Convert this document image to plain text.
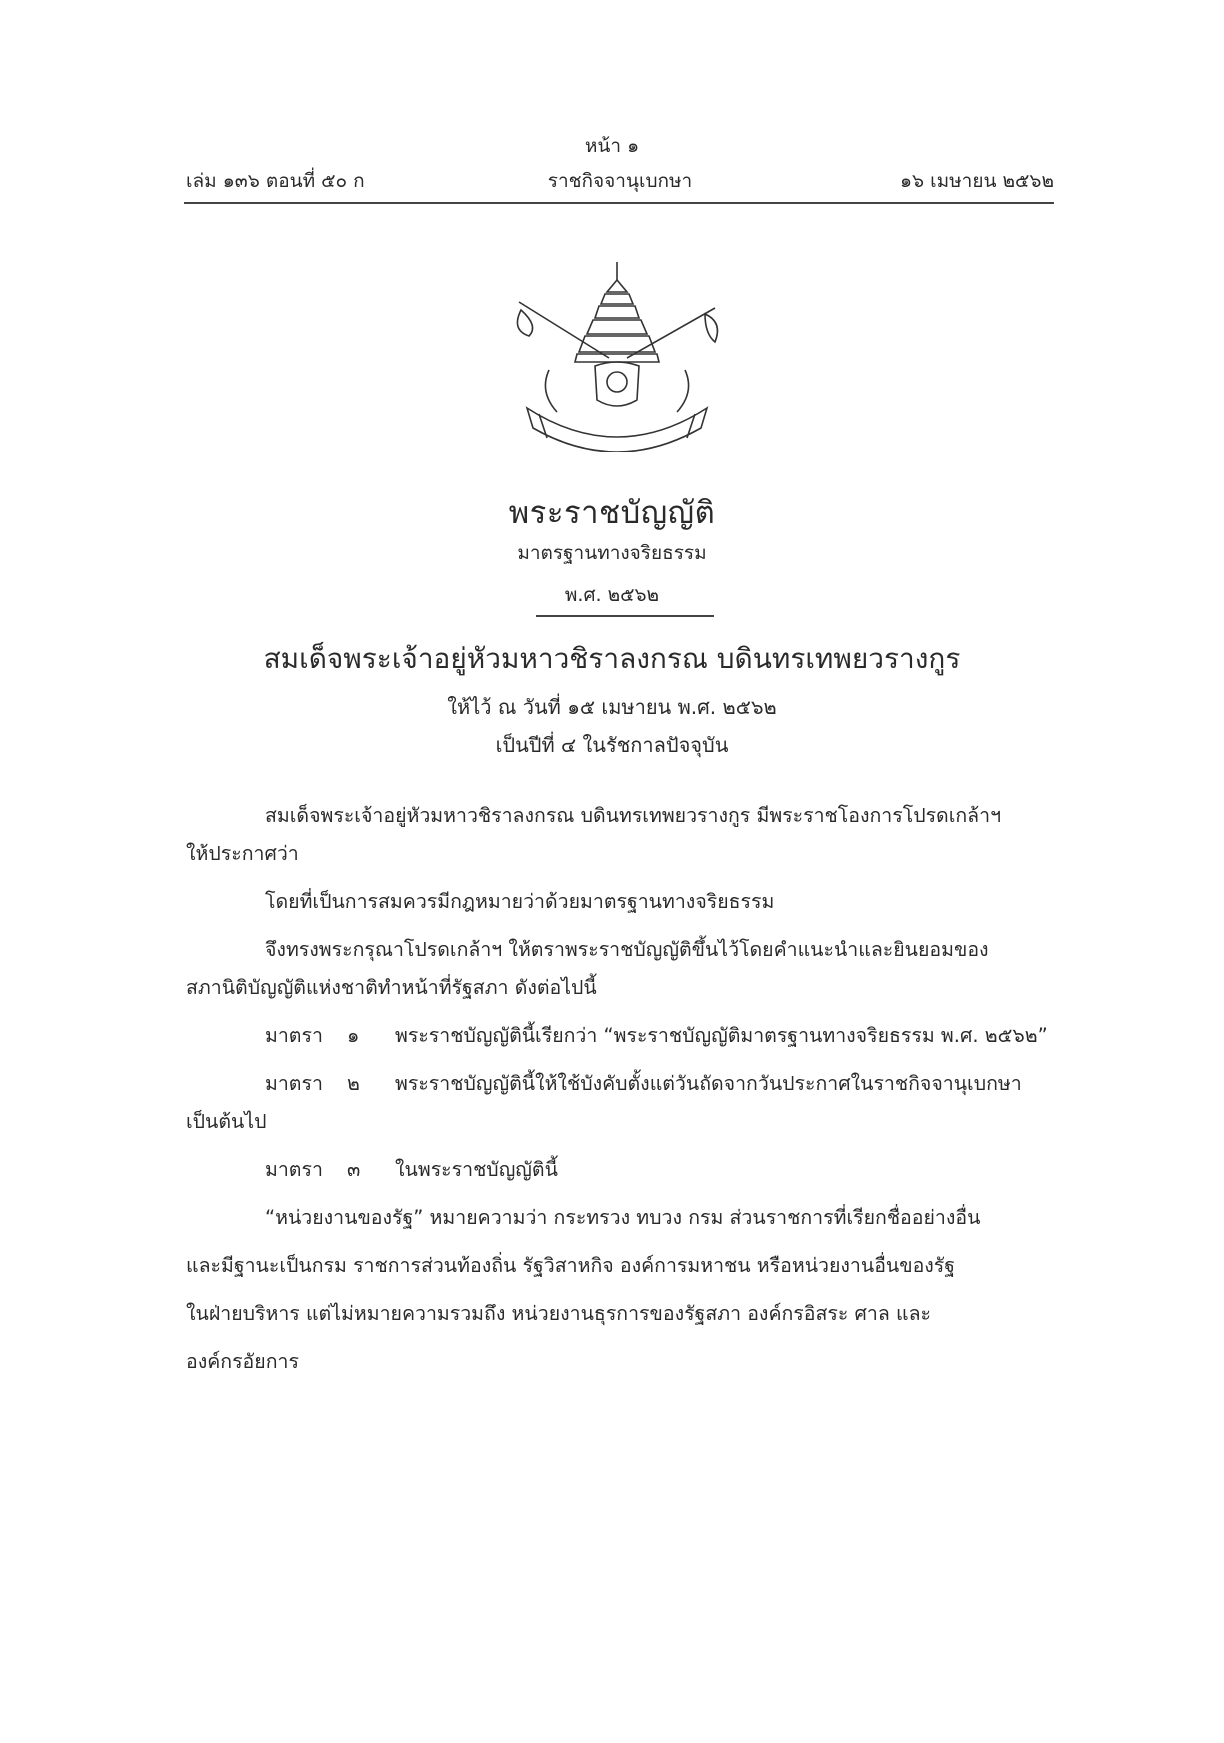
หน้า ๑
เล่ม ๑๓๖ ตอนที่ ๕๐ ก	ราชกิจจานุเบกษา	๑๖ เมษายน ๒๕๖๒
พระราชบัญญัติ
มาตรฐานทางจริยธรรม
พ.ศ. ๒๕๖๒
สมเด็จพระเจ้าอยู่หัวมหาวชิราลงกรณ บดินทรเทพยวรางกูร
ให้ไว้ ณ วันที่ ๑๕ เมษายน พ.ศ. ๒๕๖๒
เป็นปีที่ ๔ ในรัชกาลปัจจุบัน
สมเด็จพระเจ้าอยู่หัวมหาวชิราลงกรณ บดินทรเทพยวรางกูร มีพระราชโองการโปรดเกล้าฯ
ให้ประกาศว่า
โดยที่เป็นการสมควรมีกฎหมายว่าด้วยมาตรฐานทางจริยธรรม
จึงทรงพระกรุณาโปรดเกล้าฯ ให้ตราพระราชบัญญัติขึ้นไว้โดยคำแนะนำและยินยอมของ
สภานิติบัญญัติแห่งชาติทำหน้าที่รัฐสภา ดังต่อไปนี้
มาตรา ๑ พระราชบัญญัตินี้เรียกว่า “พระราชบัญญัติมาตรฐานทางจริยธรรม พ.ศ. ๒๕๖๒”
มาตรา ๒ พระราชบัญญัตินี้ให้ใช้บังคับตั้งแต่วันถัดจากวันประกาศในราชกิจจานุเบกษา
เป็นต้นไป
มาตรา ๓ ในพระราชบัญญัตินี้
“หน่วยงานของรัฐ” หมายความว่า กระทรวง ทบวง กรม ส่วนราชการที่เรียกชื่ออย่างอื่น
และมีฐานะเป็นกรม ราชการส่วนท้องถิ่น รัฐวิสาหกิจ องค์การมหาชน หรือหน่วยงานอื่นของรัฐ
ในฝ่ายบริหาร แต่ไม่หมายความรวมถึง หน่วยงานธุรการของรัฐสภา องค์กรอิสระ ศาล และ
องค์กรอัยการ
